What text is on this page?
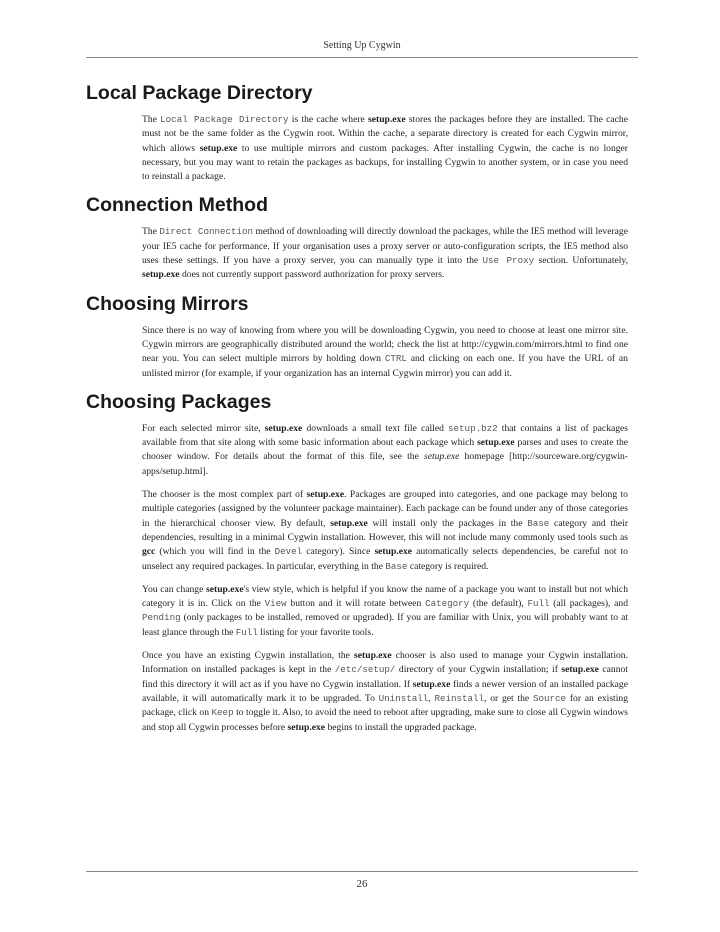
Setting Up Cygwin
Local Package Directory

The Local Package Directory is the cache where setup.exe stores the packages before they are installed. The cache must not be the same folder as the Cygwin root. Within the cache, a separate directory is created for each Cygwin mirror, which allows setup.exe to use multiple mirrors and custom packages. After installing Cygwin, the cache is no longer necessary, but you may want to retain the packages as backups, for installing Cygwin to another system, or in case you need to reinstall a package.

Connection Method

The Direct Connection method of downloading will directly download the packages, while the IE5 method will leverage your IE5 cache for performance. If your organisation uses a proxy server or auto-configuration scripts, the IE5 method also uses these settings. If you have a proxy server, you can manually type it into the Use Proxy section. Unfortunately, setup.exe does not currently support password authorization for proxy servers.

Choosing Mirrors

Since there is no way of knowing from where you will be downloading Cygwin, you need to choose at least one mirror site. Cygwin mirrors are geographically distributed around the world; check the list at http://cygwin.com/mirrors.html to find one near you. You can select multiple mirrors by holding down CTRL and clicking on each one. If you have the URL of an unlisted mirror (for example, if your organization has an internal Cygwin mirror) you can add it.

Choosing Packages

For each selected mirror site, setup.exe downloads a small text file called setup.bz2 that contains a list of packages available from that site along with some basic information about each package which setup.exe parses and uses to create the chooser window. For details about the format of this file, see the setup.exe homepage [http://sourceware.org/cygwin-apps/setup.html].

The chooser is the most complex part of setup.exe. Packages are grouped into categories, and one package may belong to multiple categories (assigned by the volunteer package maintainer). Each package can be found under any of those categories in the hierarchical chooser view. By default, setup.exe will install only the packages in the Base category and their dependencies, resulting in a minimal Cygwin installation. However, this will not include many commonly used tools such as gcc (which you will find in the Devel category). Since setup.exe automatically selects dependencies, be careful not to unselect any required packages. In particular, everything in the Base category is required.

You can change setup.exe's view style, which is helpful if you know the name of a package you want to install but not which category it is in. Click on the View button and it will rotate between Category (the default), Full (all packages), and Pending (only packages to be installed, removed or upgraded). If you are familiar with Unix, you will probably want to at least glance through the Full listing for your favorite tools.

Once you have an existing Cygwin installation, the setup.exe chooser is also used to manage your Cygwin installation. Information on installed packages is kept in the /etc/setup/ directory of your Cygwin installation; if setup.exe cannot find this directory it will act as if you have no Cygwin installation. If setup.exe finds a newer version of an installed package available, it will automatically mark it to be upgraded. To Uninstall, Reinstall, or get the Source for an existing package, click on Keep to toggle it. Also, to avoid the need to reboot after upgrading, make sure to close all Cygwin windows and stop all Cygwin processes before setup.exe begins to install the upgraded package.

26
